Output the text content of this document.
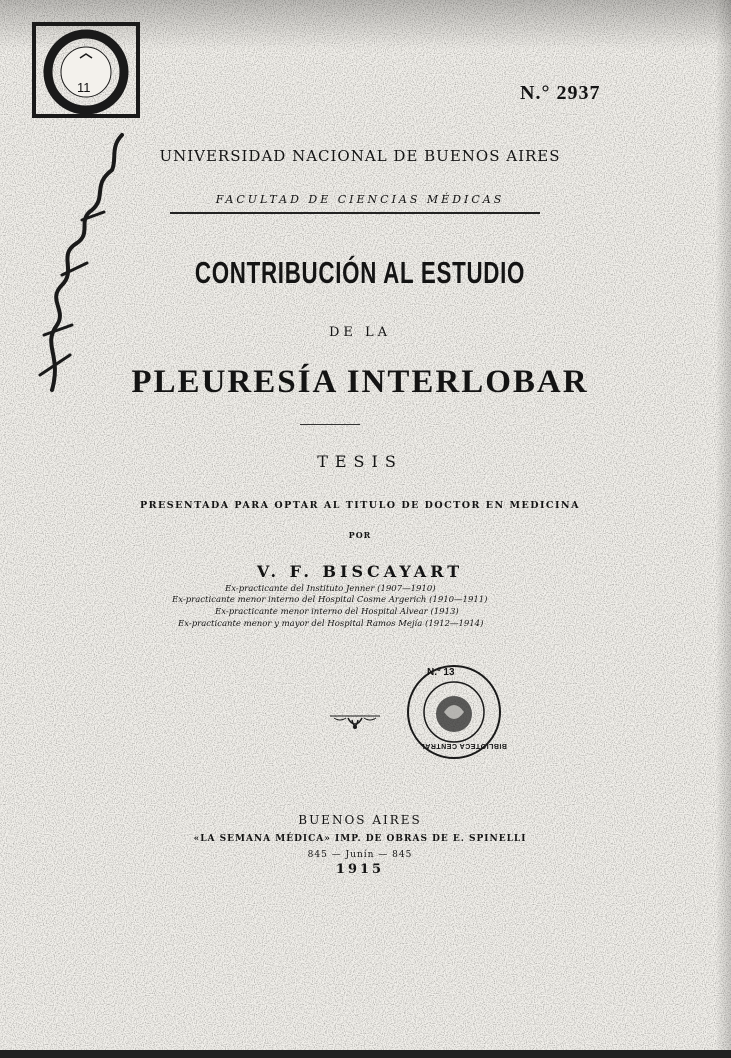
11	N.° 2937
UNIVERSIDAD NACIONAL DE BUENOS AIRES
FACULTAD DE CIENCIAS MÉDICAS
CONTRIBUCIÓN AL ESTUDIO
DE LA
PLEURESÍA INTERLOBAR
TESIS
PRESENTADA PARA OPTAR AL TITULO DE DOCTOR EN MEDICINA
POR
V. F. BISCAYART
Ex-practicante del Instituto Jenner (1907—1910)
Ex-practicante menor interno del Hospital Cosme Argerich (1910—1911)
Ex-practicante menor interno del Hospital Alvear (1913)
Ex-practicante menor y mayor del Hospital Ramos Mejía (1912—1914)
N.º 13
BIBLIOTECA CENTRAL
BUENOS AIRES
«LA SEMANA MÉDICA» IMP. DE OBRAS DE E. SPINELLI
845 — Junín — 845
1915
